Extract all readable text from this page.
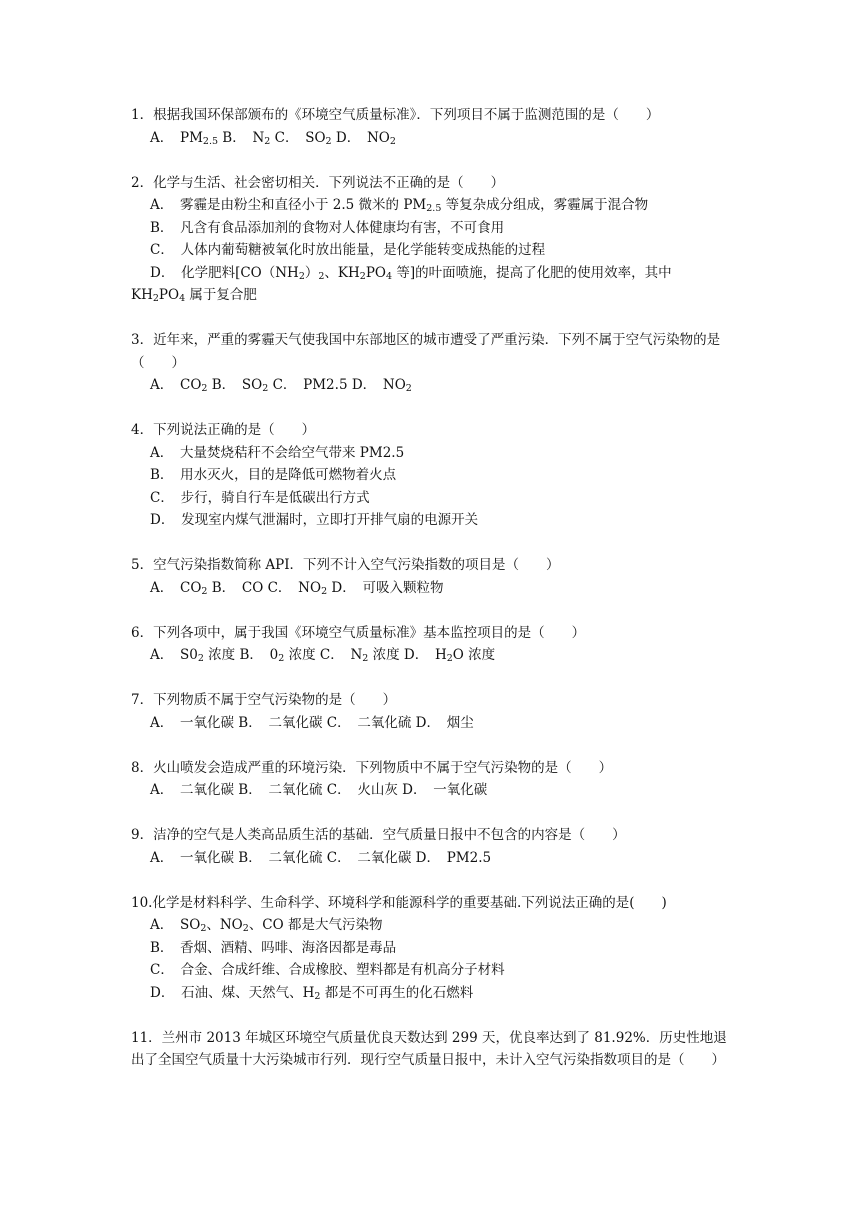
1．根据我国环保部颁布的《环境空气质量标准》．下列项目不属于监测范围的是（　　）
A．　$PM_{2.5}$ B．　$N_2$ C．　$SO_2$ D．　$NO_2$
2．化学与生活、社会密切相关．下列说法不正确的是（　　）
A．　雾霾是由粉尘和直径小于 2.5 微米的 $PM_{2.5}$ 等复杂成分组成，雾霾属于混合物
B．　凡含有食品添加剂的食物对人体健康均有害，不可食用
C．　人体内葡萄糖被氧化时放出能量，是化学能转变成热能的过程
D．　化学肥料[$CO(NH_2)_2$、$KH_2PO_4$ 等]的叶面喷施，提高了化肥的使用效率，其中
$KH_2PO_4$ 属于复合肥
3．近年来，严重的雾霾天气使我国中东部地区的城市遭受了严重污染．下列不属于空气污染物的是（　　）
A．　$CO_2$ B．　$SO_2$ C．　PM2.5 D．　$NO_2$
4．下列说法正确的是（　　）
A．　大量焚烧秸秆不会给空气带来 PM2.5
B．　用水灭火，目的是降低可燃物着火点
C．　步行，骑自行车是低碳出行方式
D．　发现室内煤气泄漏时，立即打开排气扇的电源开关
5．空气污染指数简称 API．下列不计入空气污染指数的项目是（　　）
A．　$CO_2$ B．　CO C．　$NO_2$ D．　可吸入颗粒物
6．下列各项中，属于我国《环境空气质量标准》基本监控项目的是（　　）
A．　$S0_2$ 浓度 B．　$0_2$ 浓度 C．　$N_2$ 浓度 D．　$H_2O$ 浓度
7．下列物质不属于空气污染物的是（　　）
A．　一氧化碳 B．　二氧化碳 C．　二氧化硫 D．　烟尘
8．火山喷发会造成严重的环境污染．下列物质中不属于空气污染物的是（　　）
A．　二氧化碳 B．　二氧化硫 C．　火山灰 D．　一氧化碳
9．洁净的空气是人类高品质生活的基础．空气质量日报中不包含的内容是（　　）
A．　一氧化碳 B．　二氧化硫 C．　二氧化碳 D．　PM2.5
10.化学是材料科学、生命科学、环境科学和能源科学的重要基础.下列说法正确的是(　　)
A．　$SO_2$、$NO_2$、CO 都是大气污染物
B．　香烟、酒精、吗啡、海洛因都是毒品
C．　合金、合成纤维、合成橡胶、塑料都是有机高分子材料
D．　石油、煤、天然气、$H_2$ 都是不可再生的化石燃料
11．兰州市 2013 年城区环境空气质量优良天数达到 299 天，优良率达到了 81.92%．历史性地退出了全国空气质量十大污染城市行列．现行空气质量日报中，未计入空气污染指数项目的是（　　）
